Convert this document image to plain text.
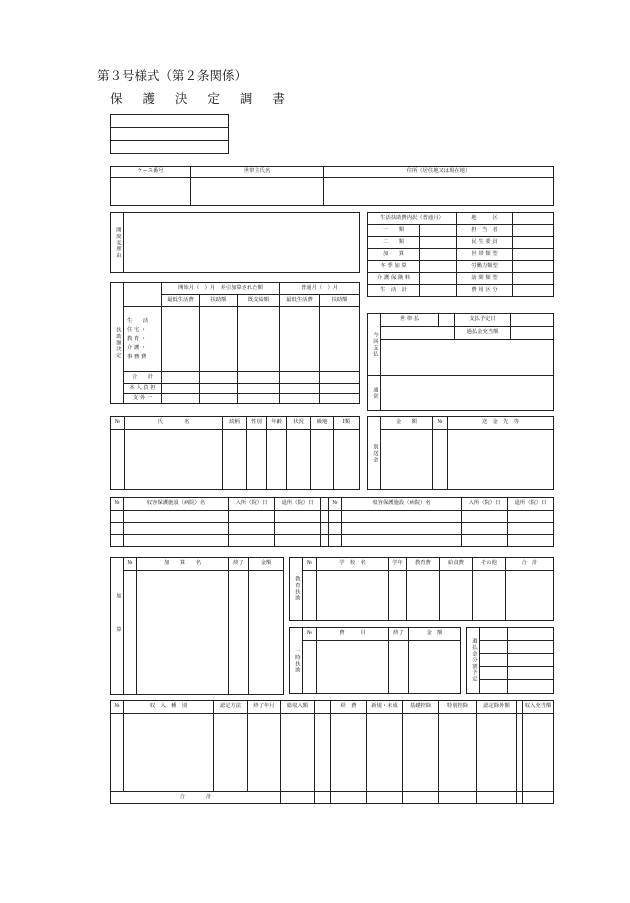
第３号様式（第２条関係）
保 護 決 定 調 書

ケース番号	世帯主氏名	住所（居住地又は現在地）

開廃変理由	
生活扶助費内訳（普通月）		地　　　区	
一　　類		担　当　者	
二　　類		民 生 委 員	
加　　算		世 帯 類 型	
冬 季 加 算		労働力類型	
介 護 保 険 料		訪 問 類 型	
生　活　計		費 用 区 分	
扶助額決定		開始月（　）月　差引加算された額			普通月（　）月	
		最低生活費	扶助額	既支給額	最低生活費	扶助額

	生　　活
住 宅 ・
教 育 ・
介 護 ・
事 務 費					

	合　　計					
	本 人 負 担					
	支 外 一					
今回支払	世 帯 払		支払予定日	
			過払金充当額	

通常				
№	氏　　　　名	続柄	性別	年齢	状況	級地	Ⅰ類

別送金	金　　額	№	送　金　先　等

№	収容保護施設（病院）名	入所（院）日	退所（院）日		№	収容保護施設（病院）名	入所（院）日	退所（院）日

加算	№	加　　算　　名	終了	金額

教育扶助	№	学　校　名	学年	教育費	給食費	その他	合　計

一時扶助	№	費　　　目	終了	金　額

過払金分割予定		

№	収　入　種　別	認定方法	終了年月	総収入額		経　費	新規・未成	基礎控除	特別控除	認定除外額		収入充当額

合　　　　計												
